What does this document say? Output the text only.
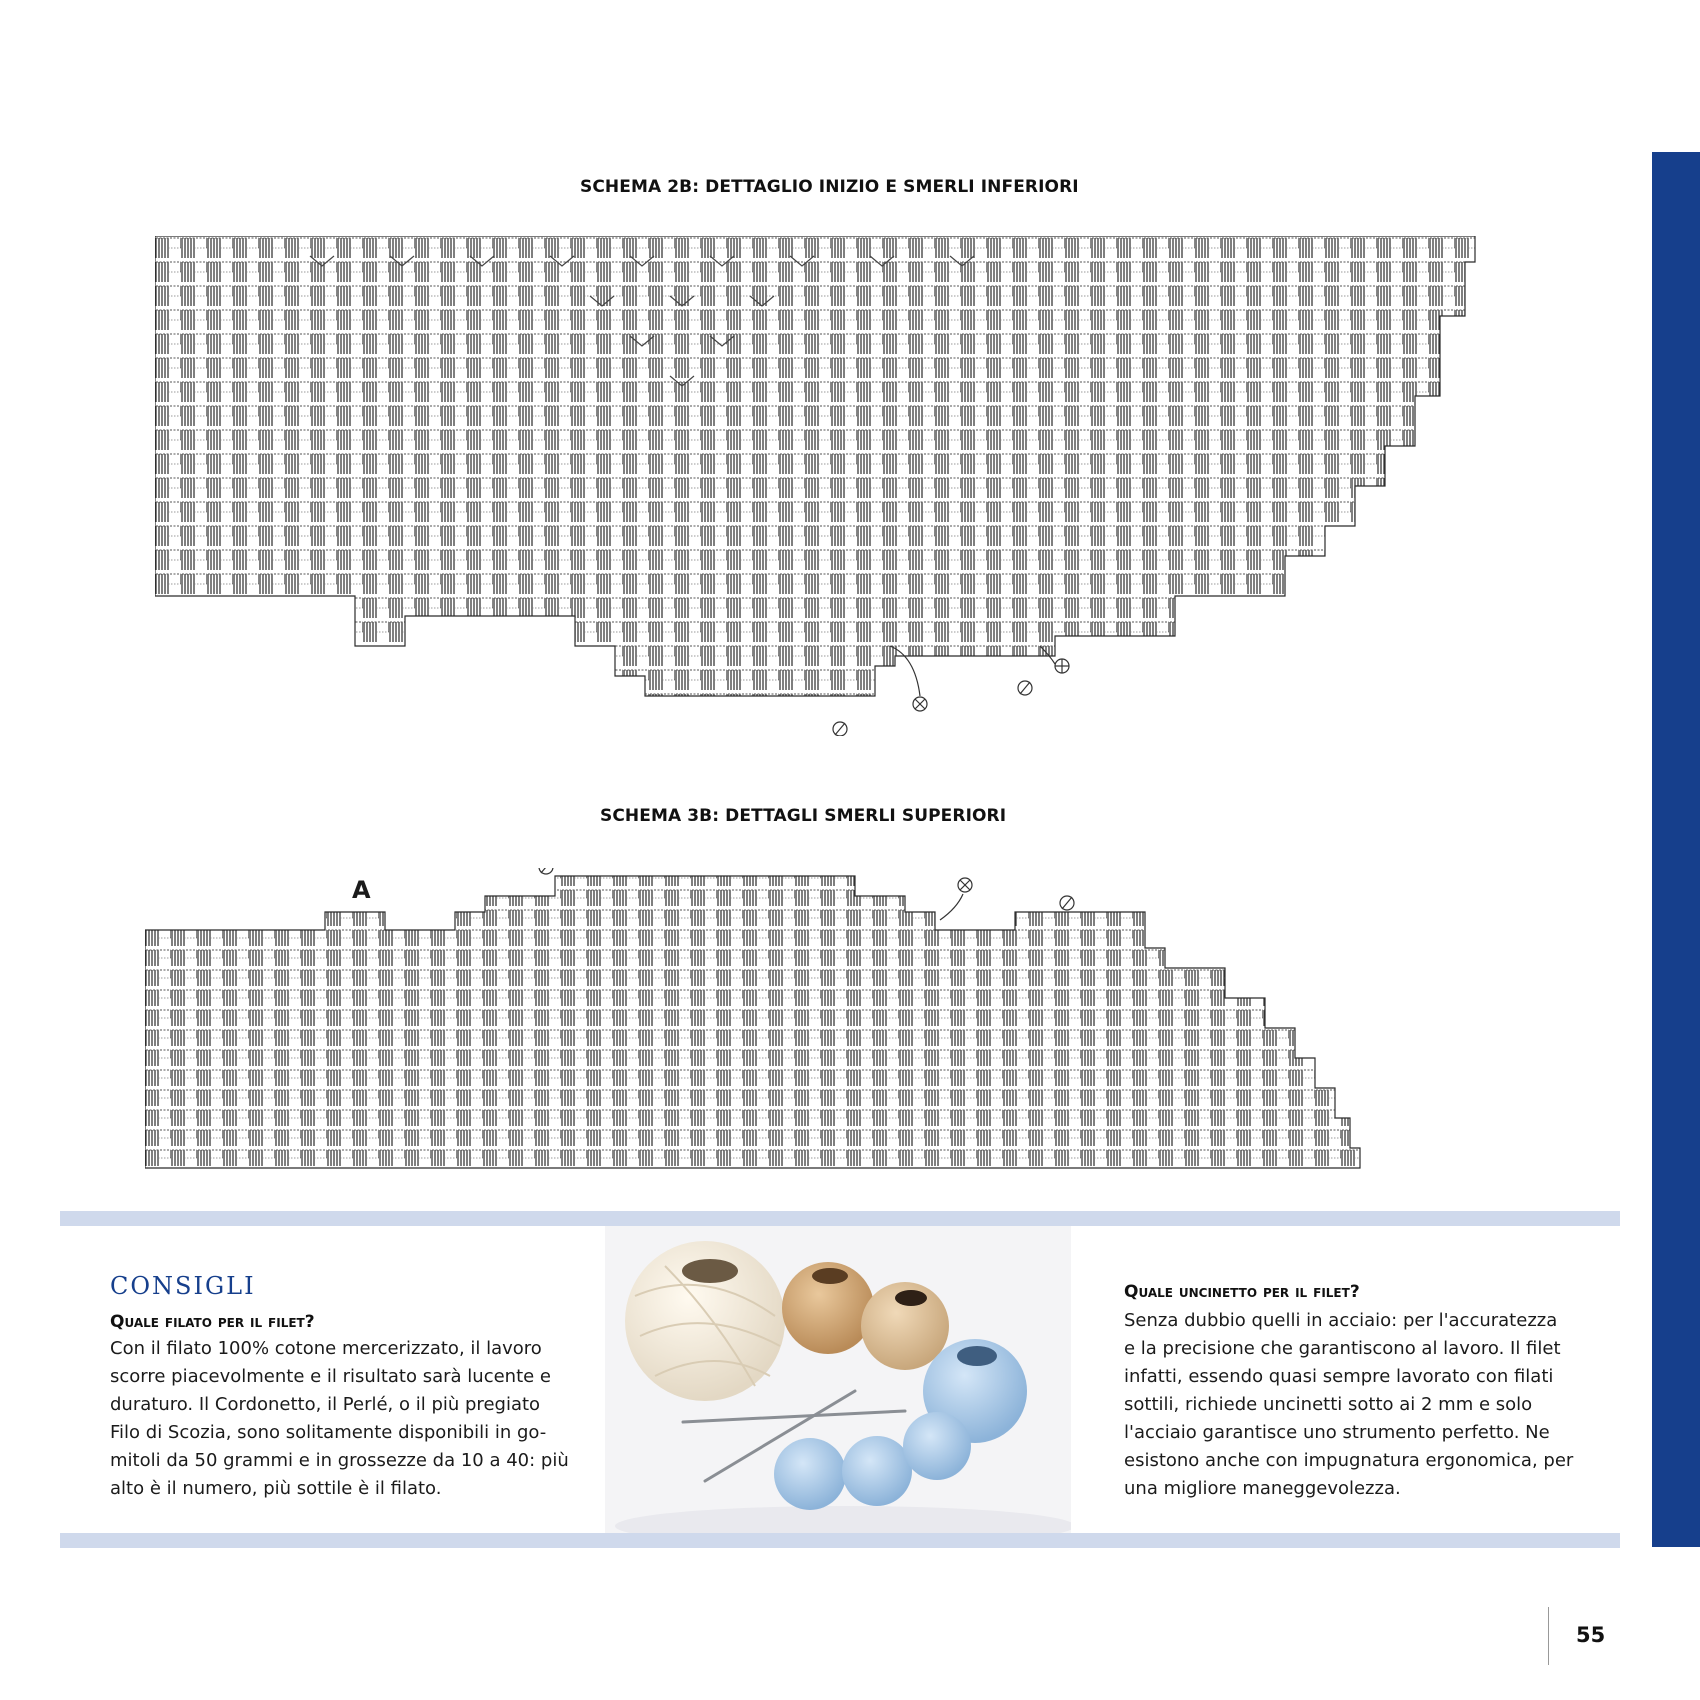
SCHEMA 2B: DETTAGLIO INIZIO E SMERLI INFERIORI
SCHEMA 3B: DETTAGLI SMERLI SUPERIORI
A
CONSIGLI
Quale filato per il filet?

Con il filato 100% cotone mercerizzato, il lavoro
scorre piacevolmente e il risultato sarà lucente e
duraturo. Il Cordonetto, il Perlé, o il più pregiato
Filo di Scozia, sono solitamente disponibili in go-
mitoli da 50 grammi e in grossezze da 10 a 40: più
alto è il numero, più sottile è il filato.

Quale uncinetto per il filet?

Senza dubbio quelli in acciaio: per l'accuratezza
e la precisione che garantiscono al lavoro. Il filet
infatti, essendo quasi sempre lavorato con filati
sottili, richiede uncinetti sotto ai 2 mm e solo
l'acciaio garantisce uno strumento perfetto. Ne
esistono anche con impugnatura ergonomica, per
una migliore maneggevolezza.

55
